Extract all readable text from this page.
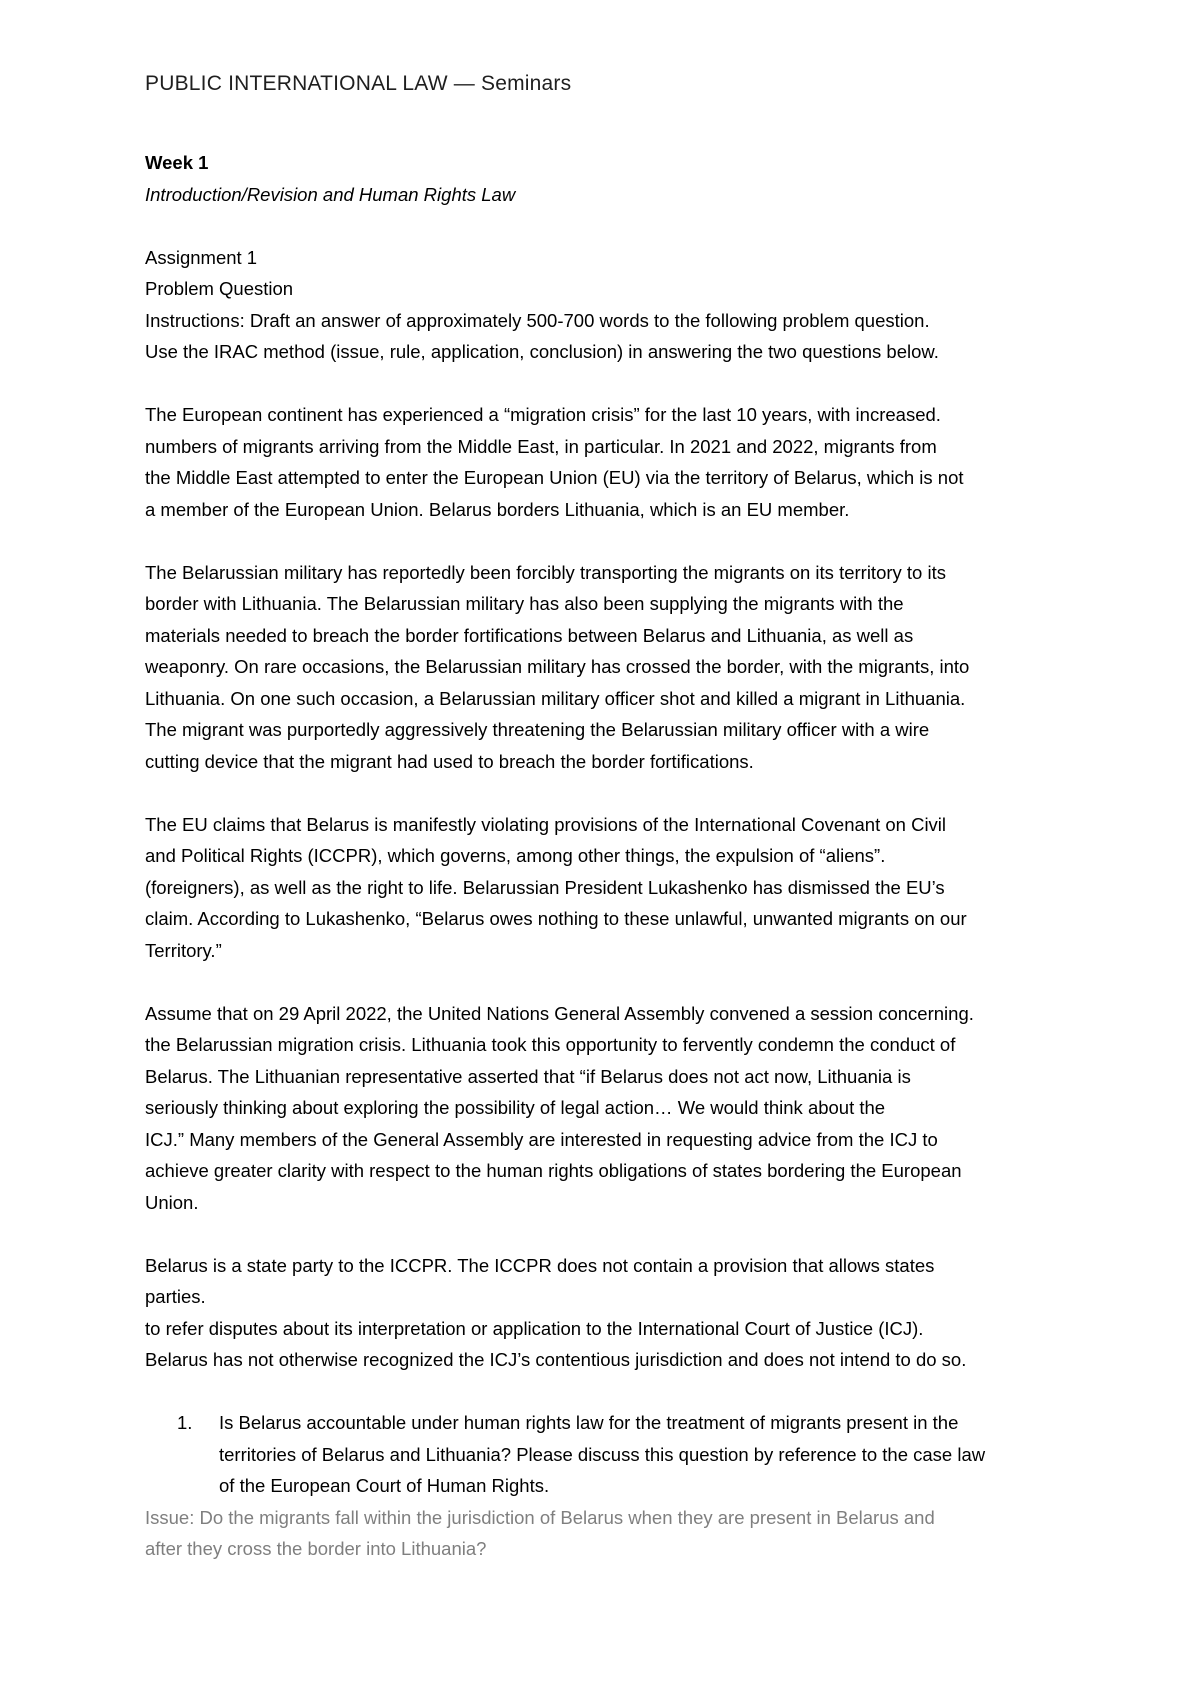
PUBLIC INTERNATIONAL LAW — Seminars
Week 1
Introduction/Revision and Human Rights Law
Assignment 1
Problem Question
Instructions: Draft an answer of approximately 500-700 words to the following problem question.
Use the IRAC method (issue, rule, application, conclusion) in answering the two questions below.

The European continent has experienced a “migration crisis” for the last 10 years, with increased.
numbers of migrants arriving from the Middle East, in particular. In 2021 and 2022, migrants from
the Middle East attempted to enter the European Union (EU) via the territory of Belarus, which is not
a member of the European Union. Belarus borders Lithuania, which is an EU member.

The Belarussian military has reportedly been forcibly transporting the migrants on its territory to its
border with Lithuania. The Belarussian military has also been supplying the migrants with the
materials needed to breach the border fortifications between Belarus and Lithuania, as well as
weaponry. On rare occasions, the Belarussian military has crossed the border, with the migrants, into
Lithuania. On one such occasion, a Belarussian military officer shot and killed a migrant in Lithuania.
The migrant was purportedly aggressively threatening the Belarussian military officer with a wire
cutting device that the migrant had used to breach the border fortifications.

The EU claims that Belarus is manifestly violating provisions of the International Covenant on Civil
and Political Rights (ICCPR), which governs, among other things, the expulsion of “aliens”.
(foreigners), as well as the right to life. Belarussian President Lukashenko has dismissed the EU’s
claim. According to Lukashenko, “Belarus owes nothing to these unlawful, unwanted migrants on our
Territory.”

Assume that on 29 April 2022, the United Nations General Assembly convened a session concerning.
the Belarussian migration crisis. Lithuania took this opportunity to fervently condemn the conduct of
Belarus. The Lithuanian representative asserted that “if Belarus does not act now, Lithuania is
seriously thinking about exploring the possibility of legal action… We would think about the
ICJ.” Many members of the General Assembly are interested in requesting advice from the ICJ to
achieve greater clarity with respect to the human rights obligations of states bordering the European
Union.

Belarus is a state party to the ICCPR. The ICCPR does not contain a provision that allows states
parties.
to refer disputes about its interpretation or application to the International Court of Justice (ICJ).
Belarus has not otherwise recognized the ICJ’s contentious jurisdiction and does not intend to do so.

1. Is Belarus accountable under human rights law for the treatment of migrants present in the
territories of Belarus and Lithuania? Please discuss this question by reference to the case law
of the European Court of Human Rights.

Issue: Do the migrants fall within the jurisdiction of Belarus when they are present in Belarus and
after they cross the border into Lithuania?
